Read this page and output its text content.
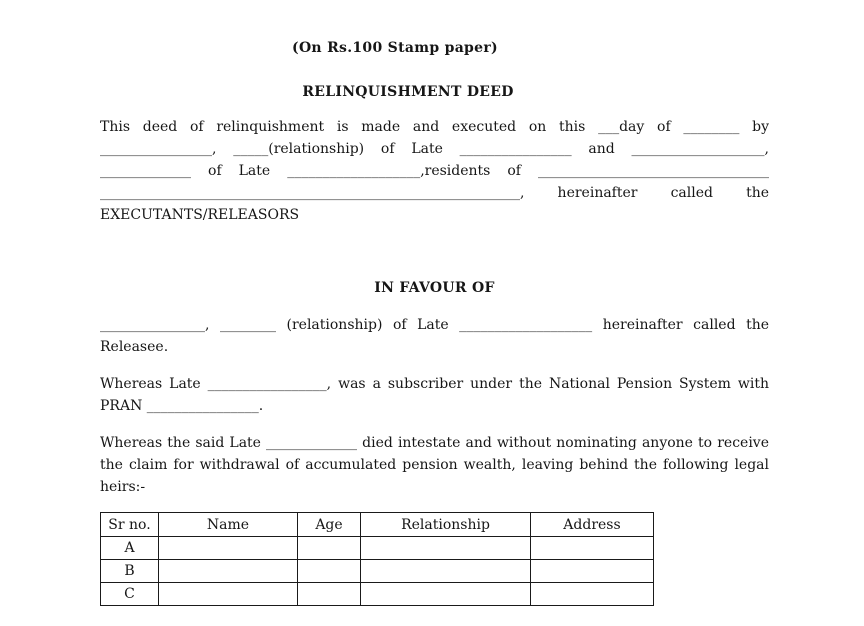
(On Rs.100 Stamp paper)
RELINQUISHMENT DEED
This deed of relinquishment is made and executed on this ___day of ________ by
________________, _____(relationship) of Late ________________ and ___________________,
_____________ of Late ___________________,residents of _________________________________
____________________________________________________________, hereinafter called the
EXECUTANTS/RELEASORS
IN FAVOUR OF
_______________, ________ (relationship) of Late ___________________ hereinafter called the
Releasee.
Whereas Late _________________, was a subscriber under the National Pension System with
PRAN ________________.
Whereas the said Late _____________ died intestate and without nominating anyone to receive
the claim for withdrawal of accumulated pension wealth, leaving behind the following legal
heirs:-
Sr no.	Name	Age	Relationship	Address
A				
B				
C				
